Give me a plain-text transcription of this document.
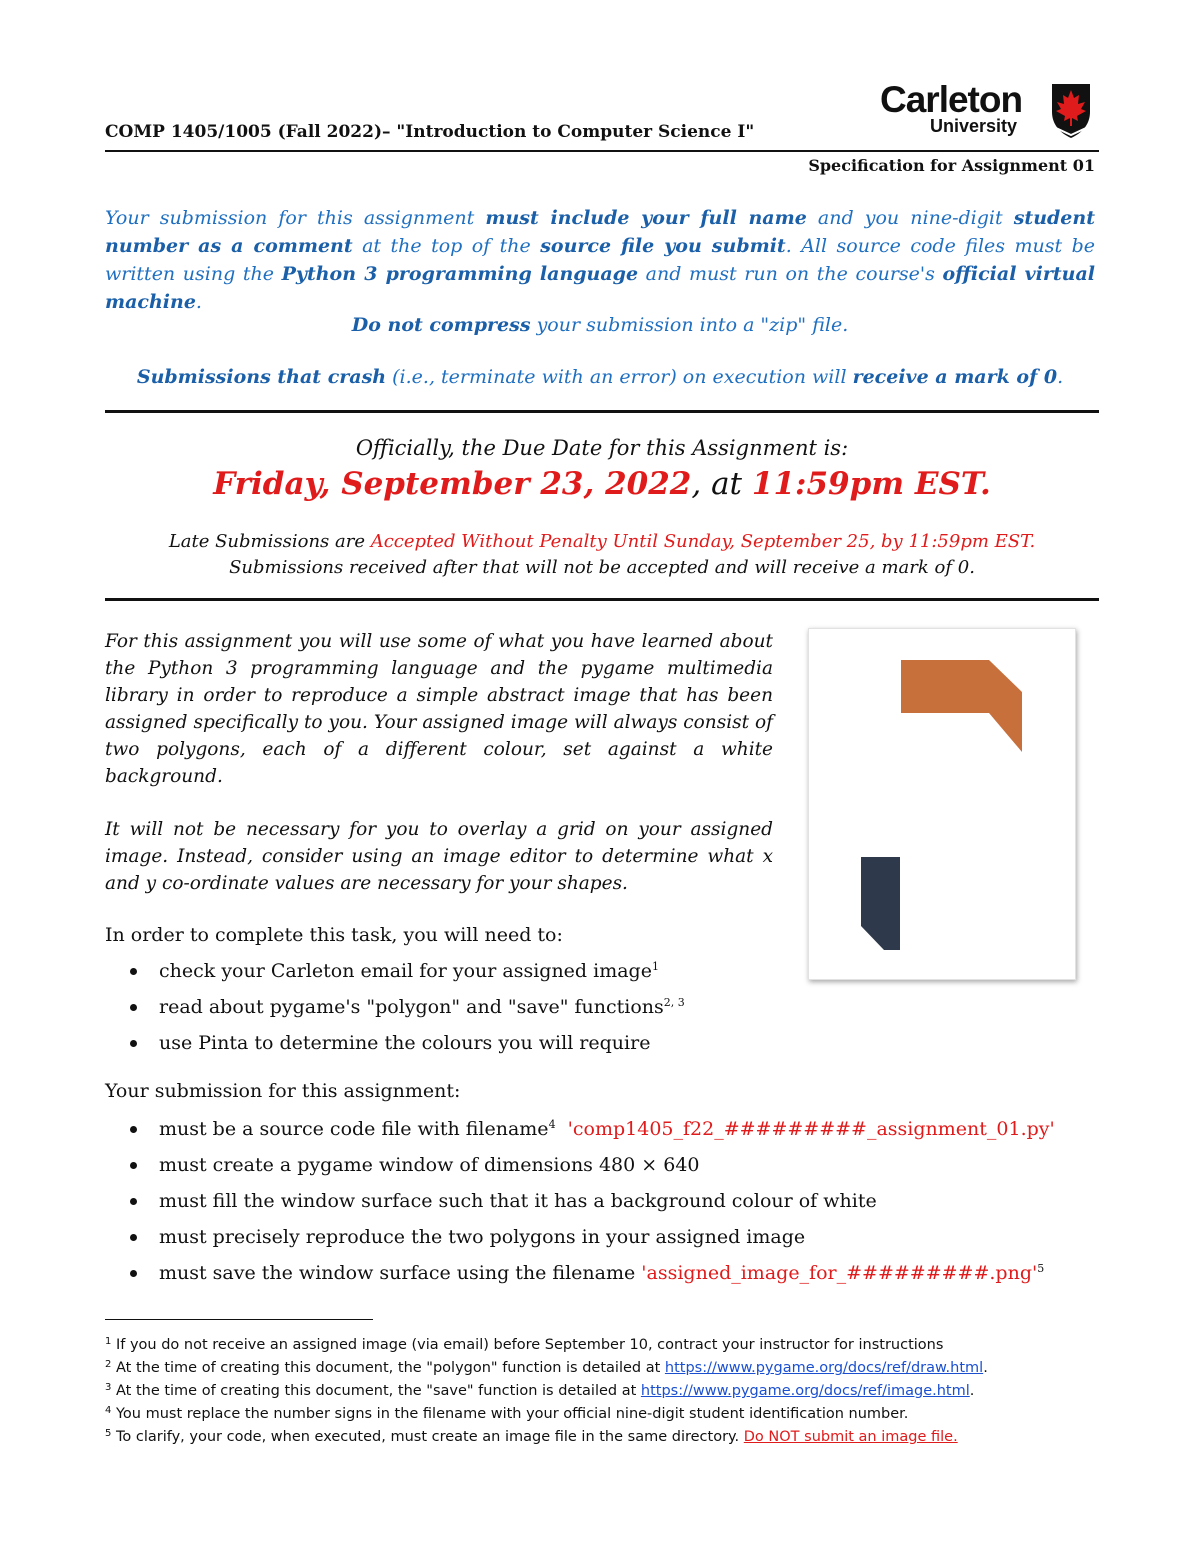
COMP 1405/1005 (Fall 2022)– "Introduction to Computer Science I"
Carleton
University
Specification for Assignment 01
Your submission for this assignment must include your full name and you nine-digit student number as a comment at the top of the source file you submit. All source code files must be written using the Python 3 programming language and must run on the course's official virtual machine.
Do not compress your submission into a "zip" file.
Submissions that crash (i.e., terminate with an error) on execution will receive a mark of 0.
Officially, the Due Date for this Assignment is:
Friday, September 23, 2022, at 11:59pm EST.
Late Submissions are Accepted Without Penalty Until Sunday, September 25, by 11:59pm EST.
Submissions received after that will not be accepted and will receive a mark of 0.
For this assignment you will use some of what you have learned about the Python 3 programming language and the pygame multimedia library in order to reproduce a simple abstract image that has been assigned specifically to you. Your assigned image will always consist of two polygons, each of a different colour, set against a white background.
It will not be necessary for you to overlay a grid on your assigned image. Instead, consider using an image editor to determine what x and y co-ordinate values are necessary for your shapes.
In order to complete this task, you will need to:
check your Carleton email for your assigned image$^1$
read about pygame's "polygon" and "save" functions$^{2, 3}$
use Pinta to determine the colours you will require
Your submission for this assignment:
must be a source code file with filename$^4$ 'comp1405_f22_#########_assignment_01.py'
must create a pygame window of dimensions 480 × 640
must fill the window surface such that it has a background colour of white
must precisely reproduce the two polygons in your assigned image
must save the window surface using the filename '$assigned\_image\_for\_\#\#\#\#\#\#\#\#\#.png'^5$
$^1$ If you do not receive an assigned image (via email) before September 10, contract your instructor for instructions
$^2$ At the time of creating this document, the "polygon" function is detailed at https://www.pygame.org/docs/ref/draw.html.
$^3$ At the time of creating this document, the "save" function is detailed at https://www.pygame.org/docs/ref/image.html.
$^4$ You must replace the number signs in the filename with your official nine-digit student identification number.
$^5$ To clarify, your code, when executed, must create an image file in the same directory. Do NOT submit an image file.
